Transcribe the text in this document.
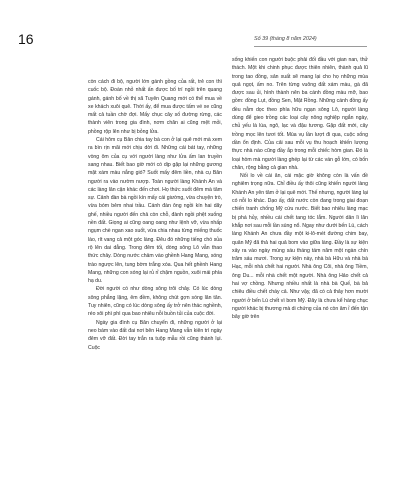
16	Số 39 (tháng 8 năm 2024)

còn cách đi bộ, người lớn gánh gồng của rất, trẻ con thì cuốc bộ. Đoàn nhỏ nhất ấn được bố trí ngồi trên quang gánh, gánh bố về thị xã Tuyên Quang mới có thể mua về xe khách xuôi quê. Thời ấy, để mua được tấm vé xe cũng mất cả tuần chờ đợi. Mấy chục cây số đường rừng, các thành viên trong gia đình, nơm chăn ai cũng mệt mỏi, phồng rộp lên như bị bỏng lửa.

Cái hôm cụ Bân chia tay bà con ở lại quê mới mà xem ra bìn rịn mãi mới chịu dời đi. Những cái bát tay, những vòng ôm của cụ với người làng như lửa ấm lan truyền sang nhau. Biết bao giờ mới có dịp gặp lại những gương mặt xám màu nắng gió? Suốt mấy đêm liền, nhà cụ Bân người ra vào nườm nượp. Toàn người làng Khánh An và các làng lân cận khác đến chơi. Họ thức suốt đêm mà tâm sự. Cảnh đàn bà ngồi kín mấy cái giường, vừa chuyện trò, vừa bóm bẻm nhai trầu. Cánh đàn ông ngồi kín hai dãy ghế, nhiều người đến chả còn chỗ, đành ngồi phệt xuống nền đất. Giọng ai cũng oang oang như lệnh vỡ, vừa nhấp ngụm chè ngan xao suốt, vừa chia nhau từng miếng thuốc lào, rít vang cả một góc làng. Đêu đó những tiếng chó sủa rộ lên dai dẳng. Trong đêm tối, dòng sông Lô vẫn thao thức chảy. Dòng nước chảm vào ghềnh Hang Mang, sóng trào ngược lên, tung bờm trắng xóa. Qua hết ghềnh Hang Mang, những con sóng lại rủ rỉ chậm nguồn, xuôi mái phía hạ du.

Đời người có như dòng sông trôi chảy. Có lúc dòng sông phẳng lặng, êm đềm, không chút gợn sóng lăn tăn. Tuy nhiên, cũng có lúc dòng sông ấy trở nên thác nghềnh, réo xôi phì phì qua bao nhiêu nỗi buồn tủi của cuộc đời.

Ngày gia đình cụ Bân chuyển đi, những người ở lại neo bám vào đất đai nơi bên Hang Mang vẫn kiên trì ngày đêm vỡ đất. Đời tay trắn ra tuộp mẫu rồi cũng thành lụi. Cuộc

sống khiến con người buộc phải đối đầu với gian nan, thử thách. Một khi chinh phục được thiên nhiên, thành quả lũ trong tao đồng, sản xuất sẽ mang lại cho họ những mùa quả ngọt, ấm no. Trên từng vuông đất xám màu, gà đã được sau ủi, hình thành nên ba cánh đồng màu mỡ, bao gồm: đồng Lụt, đồng Sen, Mặt Rồng. Những cánh đồng ấy đều nằm dọc theo phía hữu ngạn sông Lô, người làng dùng để gieo trồng các loại cây nông nghiệp ngắn ngày, chủ yếu là lúa, ngô, lạc và đậu tương. Gặp đất mới, cây trồng mọc lên tươi tốt. Mùa vụ lần lượt đi qua, cuộc sống dần ổn định. Của cải sau mỗi vụ thu hoạch khiến lượng thực nhà nào cũng đầy ắp trong mỗi chiếc hòm gian. Đó là loại hòm mà người làng ghép lại từ các ván gỗ lớn, có bốn chân, rộng bằng cả gian nhà.

Nối lo về cái ăn, cái mặc giờ không còn là vấn đề nghiêm trọng nữa. Chỉ điều ấy thôi cũng khiến người làng Khánh An yên tâm ở lại quê mới. Thế nhưng, người làng lại có nỗi lo khác. Dạo ấy, đất nước còn đang trong giai đoạn chiến tranh chống Mỹ cứu nước. Biết bao nhiêu làng mạc bị phá hủy, nhiều cái chết tang tóc lắm. Người dân lì lăn khắp nơi sau mỗi lần súng nổ. Ngay như dưới bến Lú, cách làng Khánh An chưa đầy một ki-lô-mét đường chim bay, quân Mỹ đã thả hai quả bom vào giữa làng. Đầy là sự kiện xảy ra vào ngày mùng sáu tháng tám năm một ngàn chín trăm sáu mươi. Trong sự kiện này, nhà bà Hữu và nhà bà Hạc, mỗi nhà chết hai người. Nhà ông Côi, nhà ông Tiềm, ông Du... mỗi nhà chết một người. Nhà ông Hảo chết cả hai vợ chồng. Nhưng nhiều nhất là nhà bà Quế, bà bả chiêu điều chết cháy cả. Như vậy, đã có cả thảy hơn mười người ở bến Lú chết vì bom Mỹ. Đây là chưa kể hàng chục người khác bị thương mà di chứng của nó còn âm ỉ đến tận bây giờ trên
